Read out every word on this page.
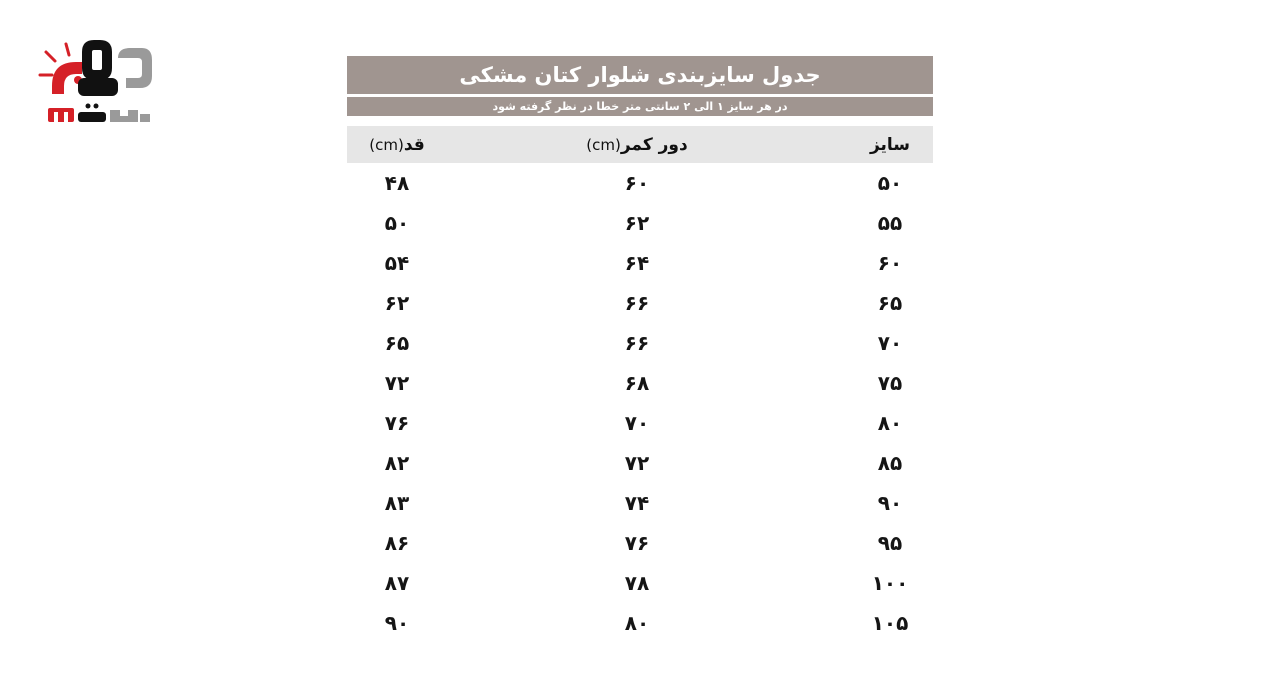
جدول سایزبندی شلوار کتان مشکی
در هر سایز ۱ الی ۲ سانتی متر خطا در نظر گرفته شود
سایز
دور کمر
(cm)
قد
(cm)
۵۰
۶۰
۴۸
۵۵
۶۲
۵۰
۶۰
۶۴
۵۴
۶۵
۶۶
۶۲
۷۰
۶۶
۶۵
۷۵
۶۸
۷۲
۸۰
۷۰
۷۶
۸۵
۷۲
۸۲
۹۰
۷۴
۸۳
۹۵
۷۶
۸۶
۱۰۰
۷۸
۸۷
۱۰۵
۸۰
۹۰
